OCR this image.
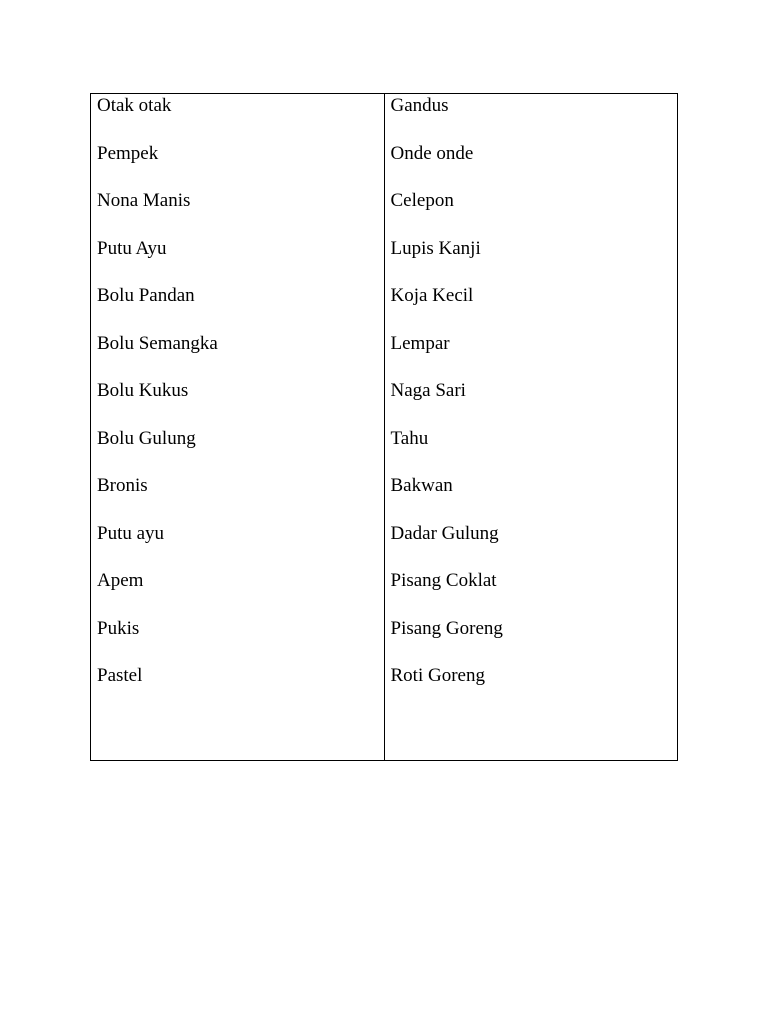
Otak otak
Pempek
Nona Manis
Putu Ayu
Bolu Pandan
Bolu Semangka
Bolu Kukus
Bolu Gulung
Bronis
Putu ayu
Apem
Pukis
Pastel
Gandus
Onde onde
Celepon
Lupis Kanji
Koja Kecil
Lempar
Naga Sari
Tahu
Bakwan
Dadar Gulung
Pisang Coklat
Pisang Goreng
Roti Goreng
